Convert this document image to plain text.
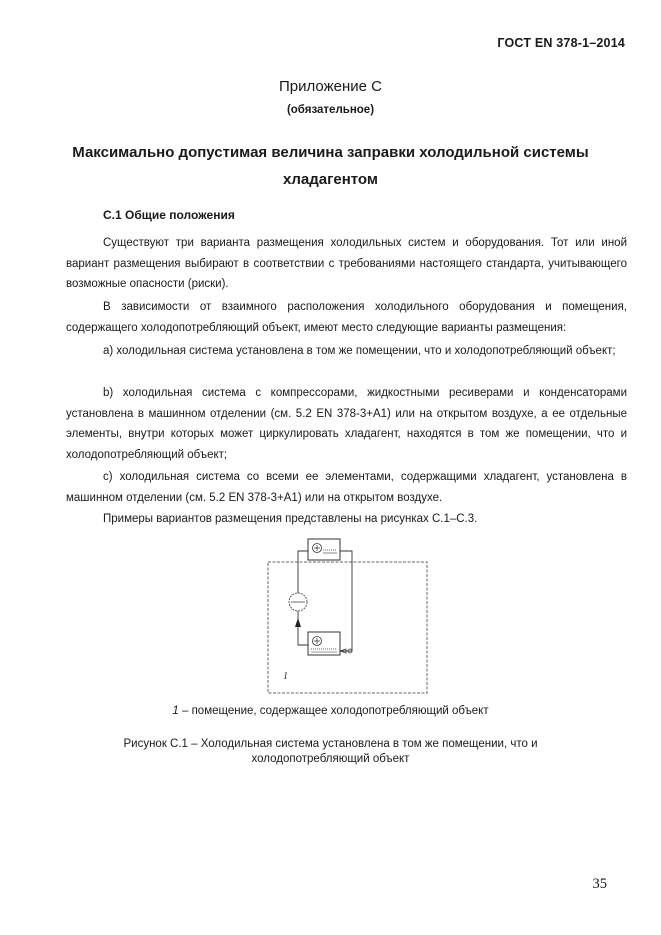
ГОСТ EN 378-1–2014
Приложение С
(обязательное)
Максимально допустимая величина заправки холодильной системы
хладагентом
С.1 Общие положения

Существуют три варианта размещения холодильных систем и оборудования. Тот или иной вариант размещения выбирают в соответствии с требованиями настоящего стандарта, учитывающего возможные опасности (риски).

В зависимости от взаимного расположения холодильного оборудования и помещения, содержащего холодопотребляющий объект, имеют место следующие варианты размещения:

а) холодильная система установлена в том же помещении, что и холодопотребляющий объект;

b) холодильная система с компрессорами, жидкостными ресиверами и конденсаторами установлена в машинном отделении (см. 5.2 EN 378-3+A1) или на открытом воздухе, а ее отдельные элементы, внутри которых может циркулировать хладагент, находятся в том же помещении, что и холодопотребляющий объект;

c) холодильная система со всеми ее элементами, содержащими хладагент, установлена в машинном отделении (см. 5.2 EN 378-3+A1) или на открытом воздухе.

Примеры вариантов размещения представлены на рисунках С.1–С.3.

1
1 – помещение, содержащее холодопотребляющий объект
Рисунок С.1 – Холодильная система установлена в том же помещении, что и
холодопотребляющий объект
35
